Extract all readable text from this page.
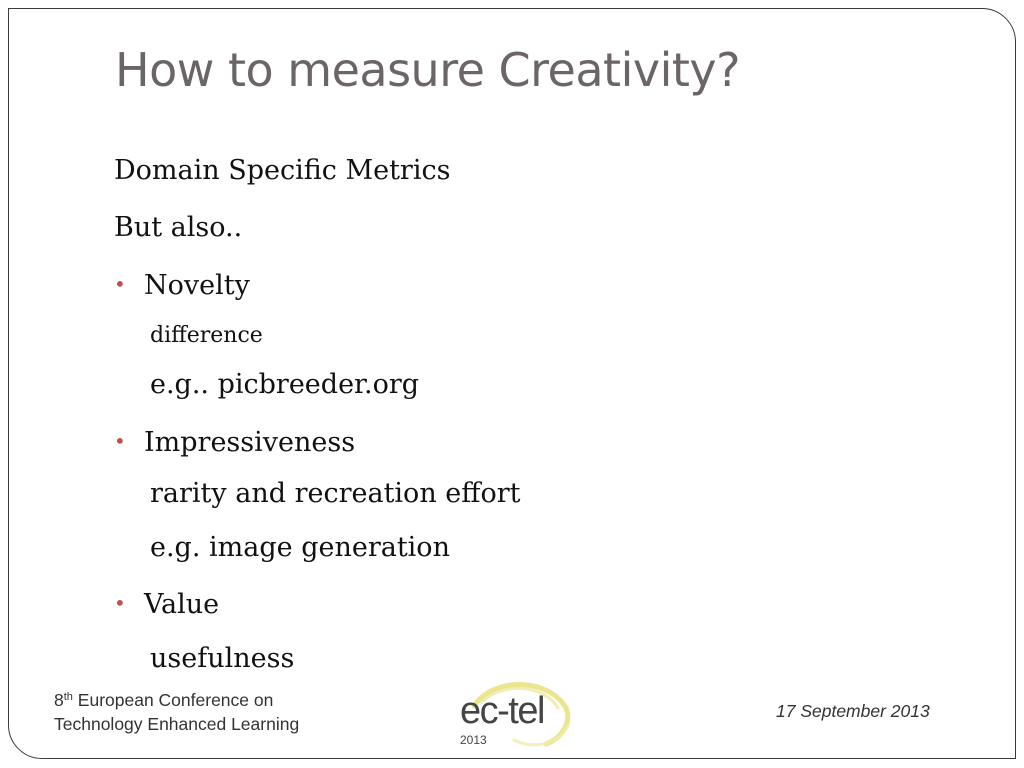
How to measure Creativity?
Domain Specific Metrics
But also..
• Novelty
difference
e.g.. picbreeder.org
• Impressiveness
rarity and recreation effort
e.g. image generation
• Value
usefulness
8th European Conference on
Technology Enhanced Learning	ec-tel
2013
17 September 2013
